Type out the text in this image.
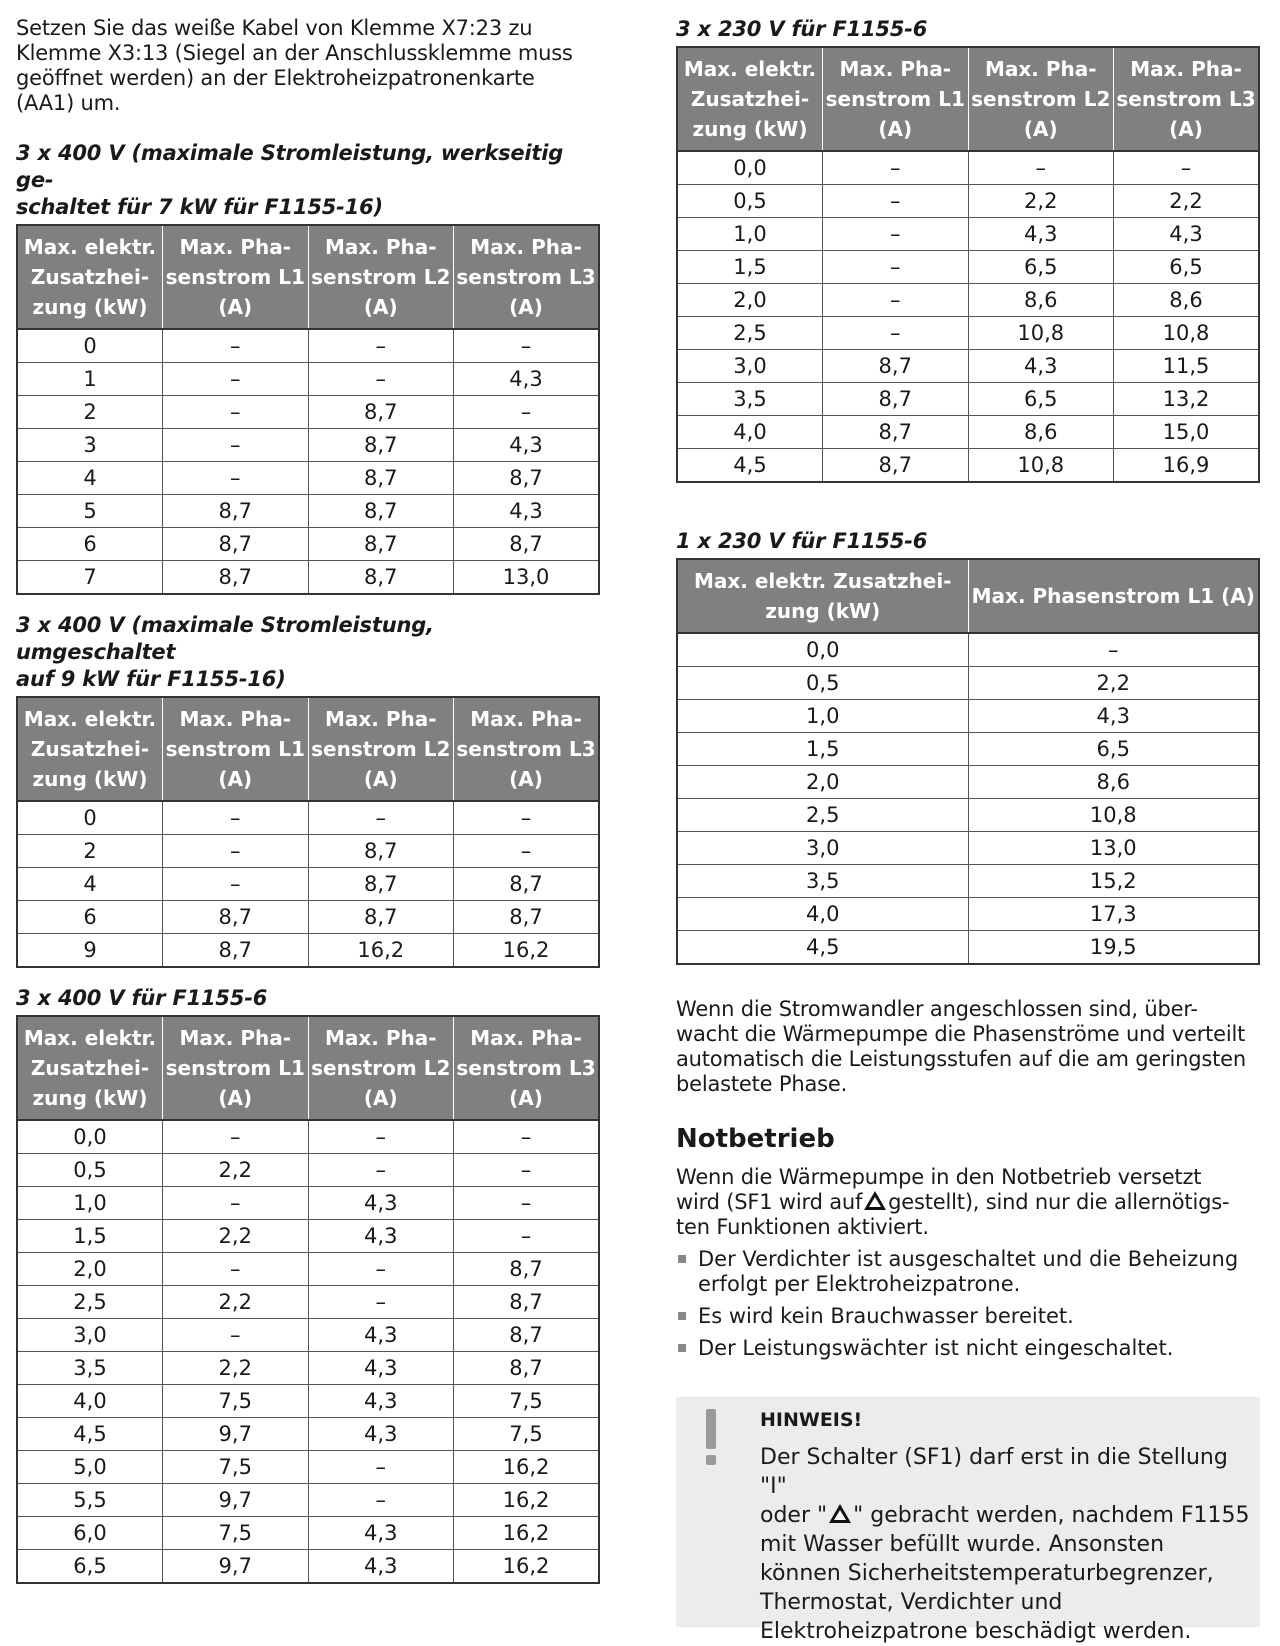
Setzen Sie das weiße Kabel von Klemme X7:23 zu
Klemme X3:13 (Siegel an der Anschlussklemme muss
geöffnet werden) an der Elektroheizpatronenkarte
(AA1) um.

3 x 400 V (maximale Stromleistung, werkseitig ge-
schaltet für 7 kW für F1155-16)

Max. elektr. Zusatzhei- zung (kW)	Max. Pha- senstrom L1 (A)	Max. Pha- senstrom L2 (A)	Max. Pha- senstrom L3 (A)
0	–	–	–
1	–	–	4,3
2	–	8,7	–
3	–	8,7	4,3
4	–	8,7	8,7
5	8,7	8,7	4,3
6	8,7	8,7	8,7
7	8,7	8,7	13,0

3 x 400 V (maximale Stromleistung, umgeschaltet
auf 9 kW für F1155-16)

Max. elektr. Zusatzhei- zung (kW)	Max. Pha- senstrom L1 (A)	Max. Pha- senstrom L2 (A)	Max. Pha- senstrom L3 (A)
0	–	–	–
2	–	8,7	–
4	–	8,7	8,7
6	8,7	8,7	8,7
9	8,7	16,2	16,2

3 x 400 V für F1155-6

Max. elektr. Zusatzhei- zung (kW)	Max. Pha- senstrom L1 (A)	Max. Pha- senstrom L2 (A)	Max. Pha- senstrom L3 (A)
0,0	–	–	–
0,5	2,2	–	–
1,0	–	4,3	–
1,5	2,2	4,3	–
2,0	–	–	8,7
2,5	2,2	–	8,7
3,0	–	4,3	8,7
3,5	2,2	4,3	8,7
4,0	7,5	4,3	7,5
4,5	9,7	4,3	7,5
5,0	7,5	–	16,2
5,5	9,7	–	16,2
6,0	7,5	4,3	16,2
6,5	9,7	4,3	16,2

3 x 230 V für F1155-6

Max. elektr. Zusatzhei- zung (kW)	Max. Pha- senstrom L1 (A)	Max. Pha- senstrom L2 (A)	Max. Pha- senstrom L3 (A)
0,0	–	–	–
0,5	–	2,2	2,2
1,0	–	4,3	4,3
1,5	–	6,5	6,5
2,0	–	8,6	8,6
2,5	–	10,8	10,8
3,0	8,7	4,3	11,5
3,5	8,7	6,5	13,2
4,0	8,7	8,6	15,0
4,5	8,7	10,8	16,9

1 x 230 V für F1155-6

Max. elektr. Zusatzhei- zung (kW)	Max. Phasenstrom L1 (A)
0,0	–
0,5	2,2
1,0	4,3
1,5	6,5
2,0	8,6
2,5	10,8
3,0	13,0
3,5	15,2
4,0	17,3
4,5	19,5

Wenn die Stromwandler angeschlossen sind, über-
wacht die Wärmepumpe die Phasenströme und verteilt
automatisch die Leistungsstufen auf die am geringsten
belastete Phase.

Notbetrieb

Wenn die Wärmepumpe in den Notbetrieb versetzt
wird (SF1 wird auf gestellt), sind nur die allernötigs-
ten Funktionen aktiviert.

Der Verdichter ist ausgeschaltet und die Beheizung erfolgt per Elektroheizpatrone.
Es wird kein Brauchwasser bereitet.
Der Leistungswächter ist nicht eingeschaltet.
HINWEIS!

Der Schalter (SF1) darf erst in die Stellung "I"
oder " " gebracht werden, nachdem F1155
mit Wasser befüllt wurde. Ansonsten können Sicherheitstemperaturbegrenzer, Thermostat, Verdichter und Elektroheizpatrone beschädigt werden.
